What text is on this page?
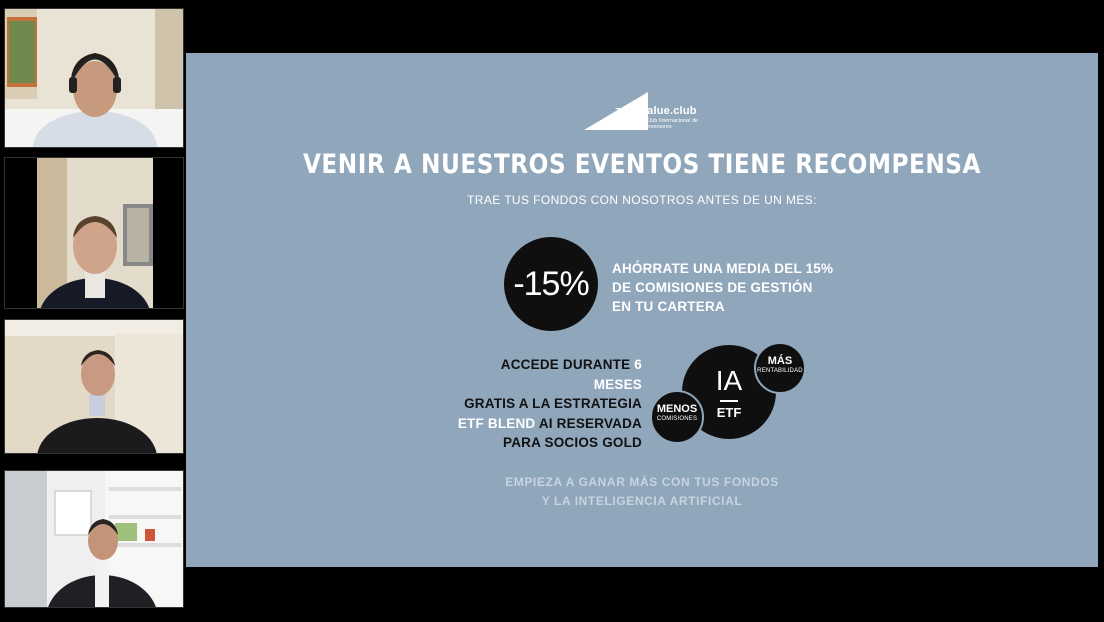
zonavalue.club
Club Internacional de Inversores
VENIR A NUESTROS EVENTOS TIENE RECOMPENSA
TRAE TUS FONDOS CON NOSOTROS ANTES DE UN MES:
-15% AHÓRRATE UNA MEDIA DEL 15%
DE COMISIONES DE GESTIÓN
EN TU CARTERA
ACCEDE DURANTE 6 MESES
GRATIS A LA ESTRATEGIA
ETF BLEND AI RESERVADA
PARA SOCIOS GOLD
IA
ETF
MÁS
RENTABILIDAD
MENOS
COMISIONES
EMPIEZA A GANAR MÁS CON TUS FONDOS
Y LA INTELIGENCIA ARTIFICIAL
